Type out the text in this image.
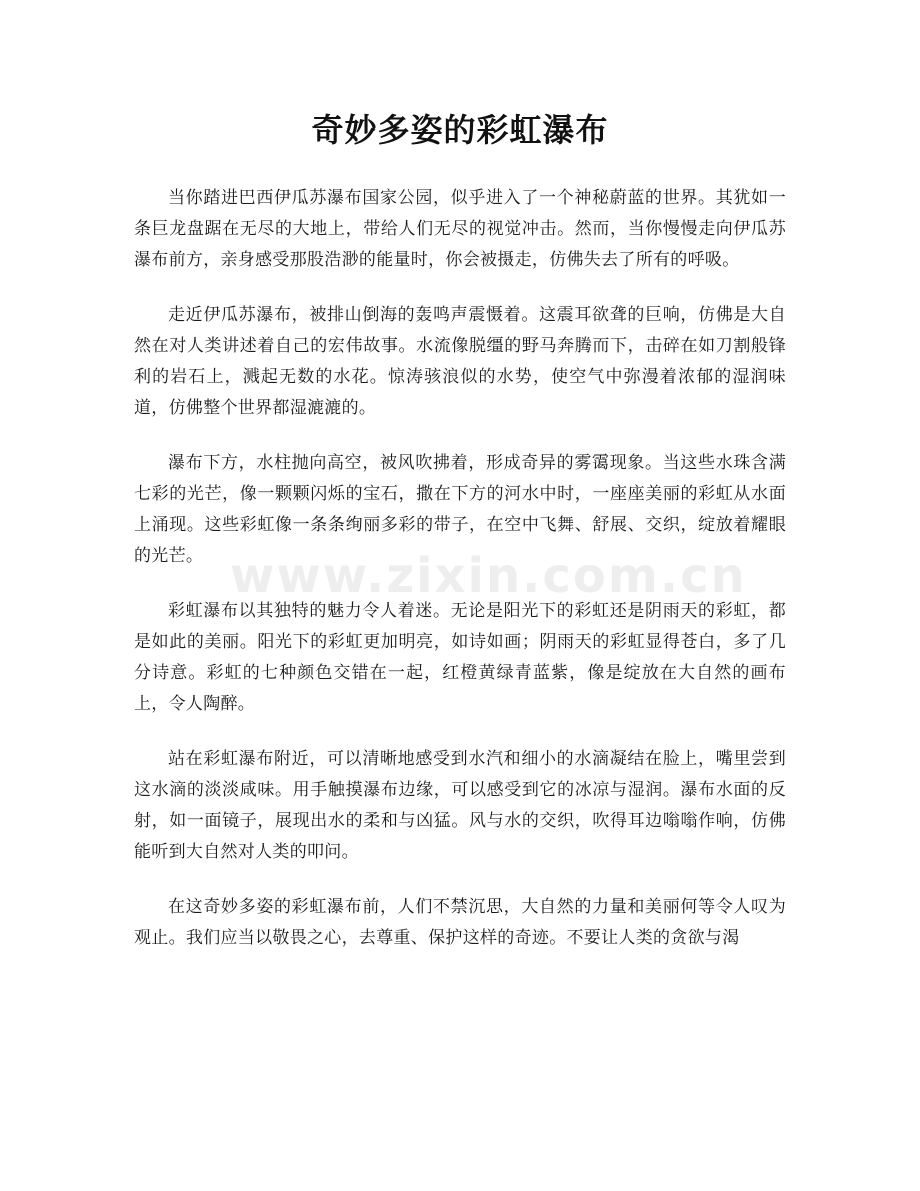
奇妙多姿的彩虹瀑布

当你踏进巴西伊瓜苏瀑布国家公园，似乎进入了一个神秘蔚蓝的世界。其犹如一条巨龙盘踞在无尽的大地上，带给人们无尽的视觉冲击。然而，当你慢慢走向伊瓜苏瀑布前方，亲身感受那股浩渺的能量时，你会被摄走，仿佛失去了所有的呼吸。

走近伊瓜苏瀑布，被排山倒海的轰鸣声震慑着。这震耳欲聋的巨响，仿佛是大自然在对人类讲述着自己的宏伟故事。水流像脱缰的野马奔腾而下，击碎在如刀割般锋利的岩石上，溅起无数的水花。惊涛骇浪似的水势，使空气中弥漫着浓郁的湿润味道，仿佛整个世界都湿漉漉的。

瀑布下方，水柱抛向高空，被风吹拂着，形成奇异的雾霭现象。当这些水珠含满七彩的光芒，像一颗颗闪烁的宝石，撒在下方的河水中时，一座座美丽的彩虹从水面上涌现。这些彩虹像一条条绚丽多彩的带子，在空中飞舞、舒展、交织，绽放着耀眼的光芒。

彩虹瀑布以其独特的魅力令人着迷。无论是阳光下的彩虹还是阴雨天的彩虹，都是如此的美丽。阳光下的彩虹更加明亮，如诗如画；阴雨天的彩虹显得苍白，多了几分诗意。彩虹的七种颜色交错在一起，红橙黄绿青蓝紫，像是绽放在大自然的画布上，令人陶醉。

站在彩虹瀑布附近，可以清晰地感受到水汽和细小的水滴凝结在脸上，嘴里尝到这水滴的淡淡咸味。用手触摸瀑布边缘，可以感受到它的冰凉与湿润。瀑布水面的反射，如一面镜子，展现出水的柔和与凶猛。风与水的交织，吹得耳边嗡嗡作响，仿佛能听到大自然对人类的叩问。

在这奇妙多姿的彩虹瀑布前，人们不禁沉思，大自然的力量和美丽何等令人叹为观止。我们应当以敬畏之心，去尊重、保护这样的奇迹。不要让人类的贪欲与渴

www.zixin.com.cn
